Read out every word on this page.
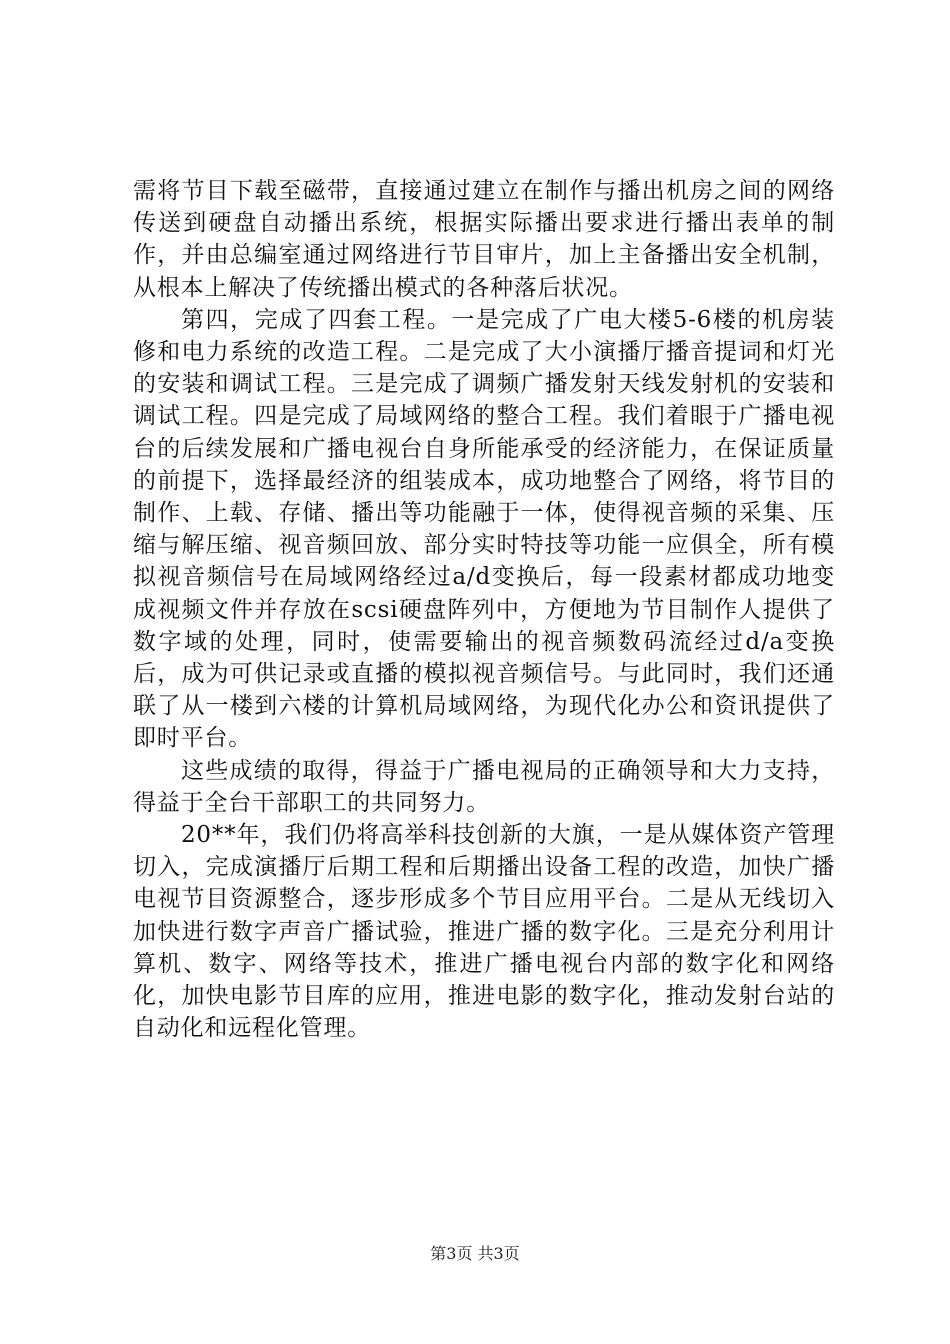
需将节目下载至磁带，直接通过建立在制作与播出机房之间的网络传送到硬盘自动播出系统，根据实际播出要求进行播出表单的制作，并由总编室通过网络进行节目审片，加上主备播出安全机制，从根本上解决了传统播出模式的各种落后状况。

第四，完成了四套工程。一是完成了广电大楼5-6楼的机房装修和电力系统的改造工程。二是完成了大小演播厅播音提词和灯光的安装和调试工程。三是完成了调频广播发射天线发射机的安装和调试工程。四是完成了局域网络的整合工程。我们着眼于广播电视台的后续发展和广播电视台自身所能承受的经济能力，在保证质量的前提下，选择最经济的组装成本，成功地整合了网络，将节目的制作、上载、存储、播出等功能融于一体，使得视音频的采集、压缩与解压缩、视音频回放、部分实时特技等功能一应俱全，所有模拟视音频信号在局域网络经过a/d变换后，每一段素材都成功地变成视频文件并存放在scsi硬盘阵列中，方便地为节目制作人提供了数字域的处理，同时，使需要输出的视音频数码流经过d/a变换后，成为可供记录或直播的模拟视音频信号。与此同时，我们还通联了从一楼到六楼的计算机局域网络，为现代化办公和资讯提供了即时平台。

这些成绩的取得，得益于广播电视局的正确领导和大力支持，得益于全台干部职工的共同努力。

20**年，我们仍将高举科技创新的大旗，一是从媒体资产管理切入，完成演播厅后期工程和后期播出设备工程的改造，加快广播电视节目资源整合，逐步形成多个节目应用平台。二是从无线切入加快进行数字声音广播试验，推进广播的数字化。三是充分利用计算机、数字、网络等技术，推进广播电视台内部的数字化和网络化，加快电影节目库的应用，推进电影的数字化，推动发射台站的自动化和远程化管理。

第3页 共3页
